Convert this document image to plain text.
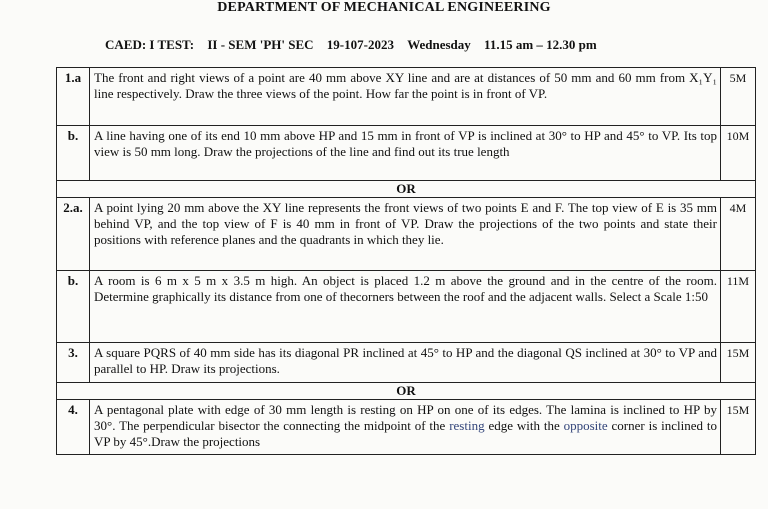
DEPARTMENT OF MECHANICAL ENGINEERING
CAED: I TEST: II - SEM 'PH' SEC 19-107-2023 Wednesday 11.15 am – 12.30 pm
1.a	The front and right views of a point are 40 mm above XY line and are at distances of 50 mm and 60 mm from X₁Y₁ line respectively. Draw the three views of the point. How far the point is in front of VP.	5M
b.	A line having one of its end 10 mm above HP and 15 mm in front of VP is inclined at 30° to HP and 45° to VP. Its top view is 50 mm long. Draw the projections of the line and find out its true length	10M
OR		
2.a.	A point lying 20 mm above the XY line represents the front views of two points E and F. The top view of E is 35 mm behind VP, and the top view of F is 40 mm in front of VP. Draw the projections of the two points and state their positions with reference planes and the quadrants in which they lie.	4M
b.	A room is 6 m x 5 m x 3.5 m high. An object is placed 1.2 m above the ground and in the centre of the room. Determine graphically its distance from one of thecorners between the roof and the adjacent walls. Select a Scale 1:50	11M
3.	A square PQRS of 40 mm side has its diagonal PR inclined at 45° to HP and the diagonal QS inclined at 30° to VP and parallel to HP. Draw its projections.	15M
OR		
4.	A pentagonal plate with edge of 30 mm length is resting on HP on one of its edges. The lamina is inclined to HP by 30°. The perpendicular bisector the connecting the midpoint of the resting edge with the opposite corner is inclined to VP by 45°.Draw the projections	15M
